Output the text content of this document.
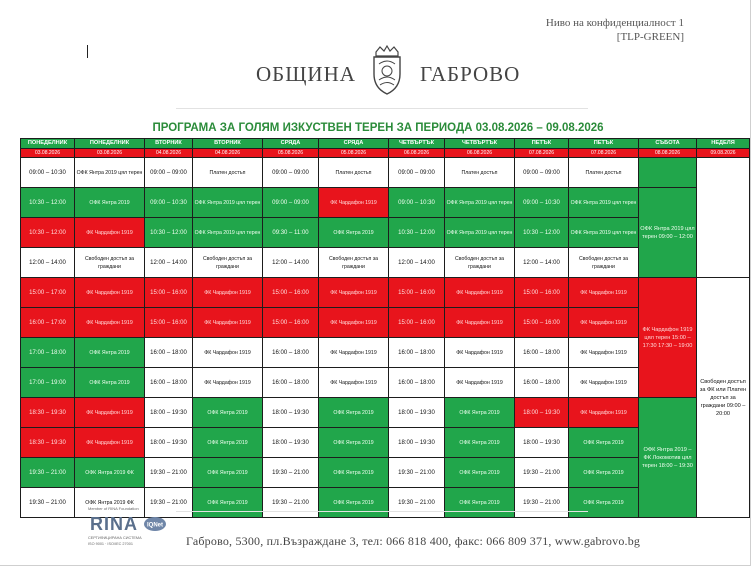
Ниво на конфиденциалност 1
[TLP-GREEN]
ОБЩИНА	ГАБРОВО
ПРОГРАМА ЗА ГОЛЯМ ИЗКУСТВЕН ТЕРЕН ЗА ПЕРИОДА 03.08.2026 – 09.08.2026
ПОНЕДЕЛНИК	ПОНЕДЕЛНИК	ВТОРНИК	ВТОРНИК	СРЯДА	СРЯДА	ЧЕТВЪРТЪК	ЧЕТВЪРТЪК	ПЕТЪК	ПЕТЪК	СЪБОТА	НЕДЕЛЯ
03.08.2026	03.08.2026	04.08.2026	04.08.2026	05.08.2026	05.08.2026	06.08.2026	06.08.2026	07.08.2026	07.08.2026	08.08.2026	09.08.2026
09:00 – 10:30	ОФК Янтра 2019 цял терен	09:00 – 09:00	Платен достъп	09:00 – 09:00	Платен достъп	09:00 – 09:00	Платен достъп	09:00 – 09:00	Платен достъп		
10:30 – 12:00	ОФК Янтра 2019	09:00 – 10:30	ОФК Янтра 2019 цял терен	09:00 – 09:00	ФК Чардафон 1919	09:00 – 10:30	ОФК Янтра 2019 цял терен	09:00 – 10:30	ОФК Янтра 2019 цял терен	ОФК Янтра 2019 цял терен 09:00 – 12:00	
10:30 – 12:00	ФК Чардафон 1919	10:30 – 12:00	ОФК Янтра 2019 цял терен	09:30 – 11:00	ОФК Янтра 2019	10:30 – 12:00	ОФК Янтра 2019 цял терен	10:30 – 12:00	ОФК Янтра 2019 цял терен		
12:00 – 14:00	Свободен достъп за граждани	12:00 – 14:00	Свободен достъп за граждани	12:00 – 14:00	Свободен достъп за граждани	12:00 – 14:00	Свободен достъп за граждани	12:00 – 14:00	Свободен достъп за граждани		
15:00 – 17:00	ФК Чардафон 1919	15:00 – 16:00	ФК Чардафон 1919	15:00 – 16:00	ФК Чардафон 1919	15:00 – 16:00	ФК Чардафон 1919	15:00 – 16:00	ФК Чардафон 1919	ФК Чардафон 1919 цял терен 15:00 – 17:30 17:30 – 19:00	Свободен достъп за ФК или Платен достъп за граждани 09:00 – 20:00
16:00 – 17:00	ФК Чардафон 1919	15:00 – 16:00	ФК Чардафон 1919	15:00 – 16:00	ФК Чардафон 1919	15:00 – 16:00	ФК Чардафон 1919	15:00 – 16:00	ФК Чардафон 1919		
17:00 – 18:00	ОФК Янтра 2019	16:00 – 18:00	ФК Чардафон 1919	16:00 – 18:00	ФК Чардафон 1919	16:00 – 18:00	ФК Чардафон 1919	16:00 – 18:00	ФК Чардафон 1919		
17:00 – 19:00	ОФК Янтра 2019	16:00 – 18:00	ФК Чардафон 1919	16:00 – 18:00	ФК Чардафон 1919	16:00 – 18:00	ФК Чардафон 1919	16:00 – 18:00	ФК Чардафон 1919		
18:30 – 19:30	ФК Чардафон 1919	18:00 – 19:30	ОФК Янтра 2019	18:00 – 19:30	ОФК Янтра 2019	18:00 – 19:30	ОФК Янтра 2019	18:00 – 19:30	ФК Чардафон 1919	ОФК Янтра 2019 – ФК Локомотив цял терен 18:00 – 19:30	
18:30 – 19:30	ФК Чардафон 1919	18:00 – 19:30	ОФК Янтра 2019	18:00 – 19:30	ОФК Янтра 2019	18:00 – 19:30	ОФК Янтра 2019	18:00 – 19:30	ОФК Янтра 2019		
19:30 – 21:00	ОФК Янтра 2019 ФК	19:30 – 21:00	ОФК Янтра 2019	19:30 – 21:00	ОФК Янтра 2019	19:30 – 21:00	ОФК Янтра 2019	19:30 – 21:00	ОФК Янтра 2019		
19:30 – 21:00	ОФК Янтра 2019 ФК	19:30 – 21:00	ОФК Янтра 2019	19:30 – 21:00	ОФК Янтра 2019	19:30 – 21:00	ОФК Янтра 2019	19:30 – 21:00	ОФК Янтра 2019		
Member of RINA Foundation
RINA
СЕРТИФИЦИРАНА СИСТЕМА
ISO 9001 · ISO/IEC 27001
IQNet
Габрово, 5300, пл.Възраждане 3, тел: 066 818 400, факс: 066 809 371, www.gabrovo.bg
